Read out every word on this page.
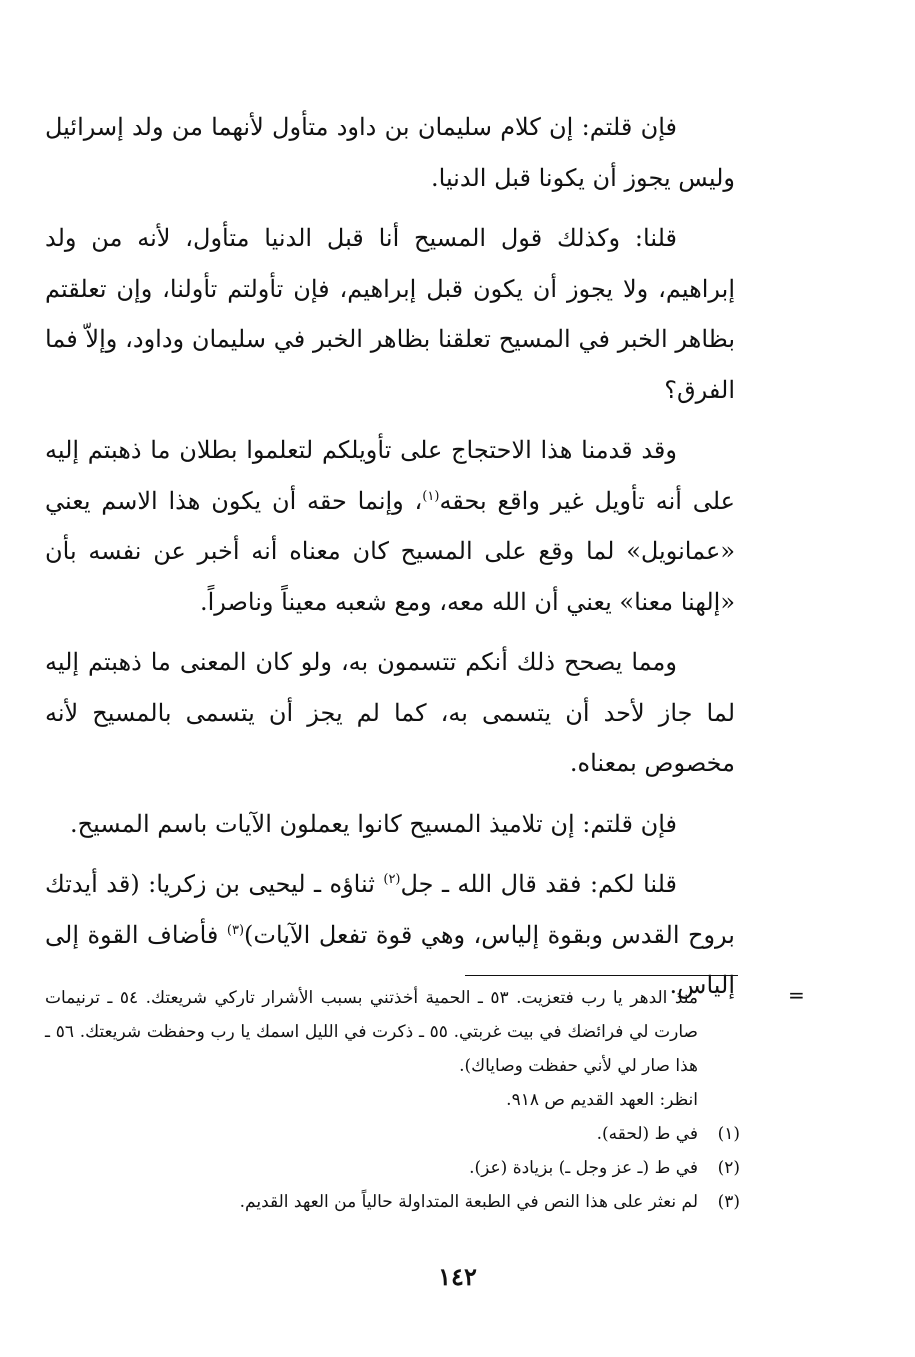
فإن قلتم: إن كلام سليمان بن داود متأول لأنهما من ولد إسرائيل وليس يجوز أن يكونا قبل الدنيا.

قلنا: وكذلك قول المسيح أنا قبل الدنيا متأول، لأنه من ولد إبراهيم، ولا يجوز أن يكون قبل إبراهيم، فإن تأولتم تأولنا، وإن تعلقتم بظاهر الخبر في المسيح تعلقنا بظاهر الخبر في سليمان وداود، وإلاّ فما الفرق؟

وقد قدمنا هذا الاحتجاج على تأويلكم لتعلموا بطلان ما ذهبتم إليه على أنه تأويل غير واقع بحقه$^{(١)}$، وإنما حقه أن يكون هذا الاسم يعني «عمانويل» لما وقع على المسيح كان معناه أنه أخبر عن نفسه بأن «إلهنا معنا» يعني أن الله معه، ومع شعبه معيناً وناصراً.

ومما يصحح ذلك أنكم تتسمون به، ولو كان المعنى ما ذهبتم إليه لما جاز لأحد أن يتسمى به، كما لم يجز أن يتسمى بالمسيح لأنه مخصوص بمعناه.

فإن قلتم: إن تلاميذ المسيح كانوا يعملون الآيات باسم المسيح.

قلنا لكم: فقد قال الله ـ جل$^{(٢)}$ ثناؤه ـ ليحيى بن زكريا: (قد أيدتك بروح القدس وبقوة إلياس، وهي قوة تفعل الآيات)$^{(٣)}$ فأضاف القوة إلى إلياس.	=
منذ الدهر يا رب فتعزيت. ٥٣ ـ الحمية أخذتني بسبب الأشرار تاركي شريعتك. ٥٤ ـ ترنيمات صارت لي فرائضك في بيت غربتي. ٥٥ ـ ذكرت في الليل اسمك يا رب وحفظت شريعتك. ٥٦ ـ هذا صار لي لأني حفظت وصاياك).
انظر: العهد القديم ص ٩١٨.
(١)
في ط (لحقه).
(٢)
في ط (ـ عز وجل ـ) بزيادة (عز).
(٣)
لم نعثر على هذا النص في الطبعة المتداولة حالياً من العهد القديم.
١٤٢
